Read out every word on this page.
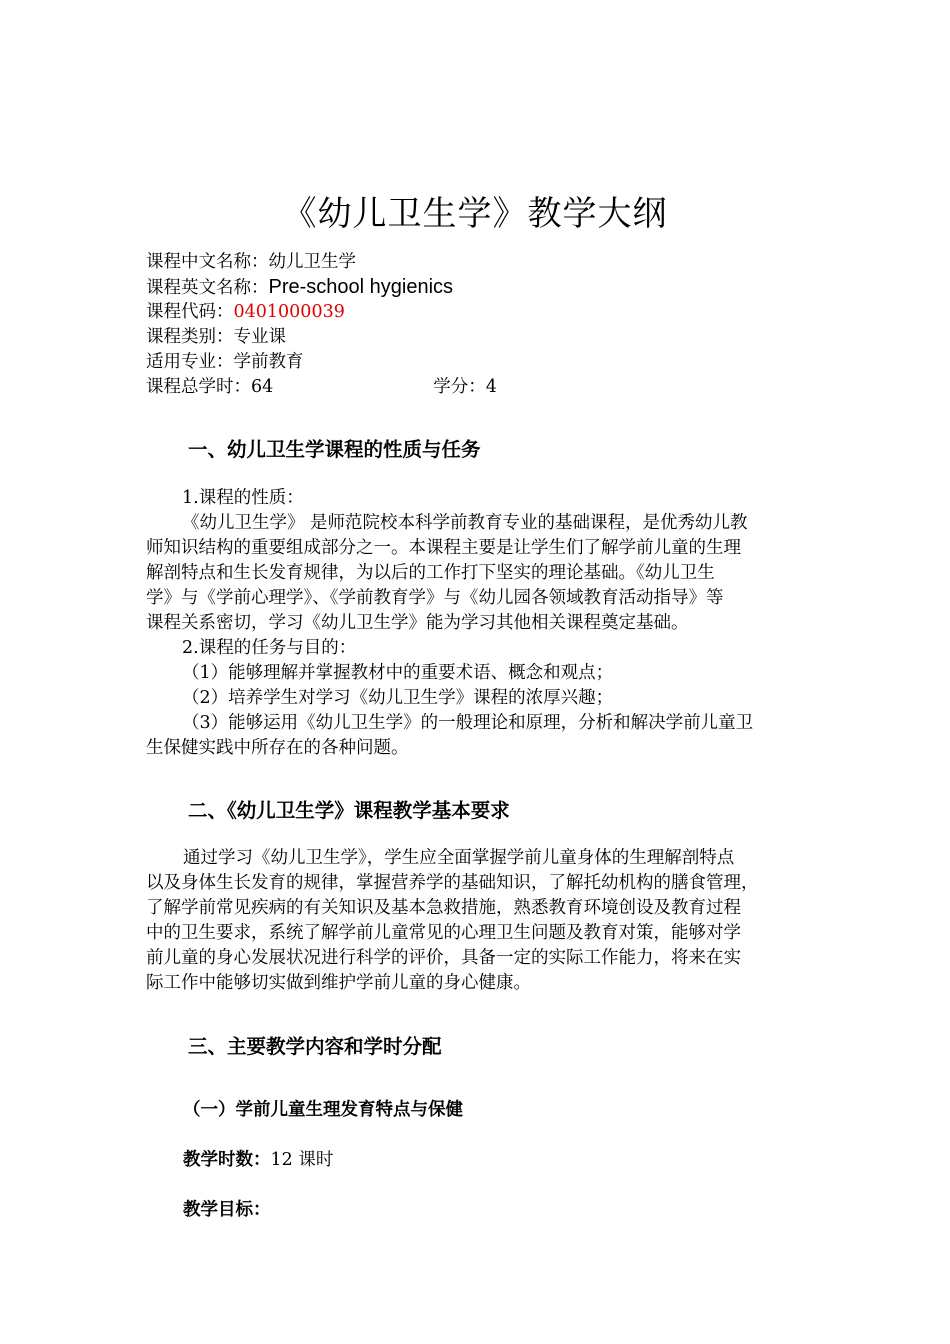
《幼儿卫生学》教学大纲
课程中文名称：幼儿卫生学
课程英文名称：Pre-school hygienics
课程代码：0401000039
课程类别：专业课
适用专业：学前教育
课程总学时：64	学分：4
一、幼儿卫生学课程的性质与任务
1.课程的性质：
《幼儿卫生学》 是师范院校本科学前教育专业的基础课程，是优秀幼儿教
师知识结构的重要组成部分之一。本课程主要是让学生们了解学前儿童的生理
解剖特点和生长发育规律，为以后的工作打下坚实的理论基础。《幼儿卫生
学》与《学前心理学》、《学前教育学》与《幼儿园各领域教育活动指导》等
课程关系密切，学习《幼儿卫生学》能为学习其他相关课程奠定基础。
2.课程的任务与目的：
（1）能够理解并掌握教材中的重要术语、概念和观点；
（2）培养学生对学习《幼儿卫生学》课程的浓厚兴趣；
（3）能够运用《幼儿卫生学》的一般理论和原理，分析和解决学前儿童卫
生保健实践中所存在的各种问题。
二、《幼儿卫生学》课程教学基本要求
通过学习《幼儿卫生学》，学生应全面掌握学前儿童身体的生理解剖特点
以及身体生长发育的规律，掌握营养学的基础知识，了解托幼机构的膳食管理，
了解学前常见疾病的有关知识及基本急救措施，熟悉教育环境创设及教育过程
中的卫生要求，系统了解学前儿童常见的心理卫生问题及教育对策，能够对学
前儿童的身心发展状况进行科学的评价，具备一定的实际工作能力，将来在实
际工作中能够切实做到维护学前儿童的身心健康。
三、主要教学内容和学时分配
（一）学前儿童生理发育特点与保健
教学时数：12 课时
教学目标：
